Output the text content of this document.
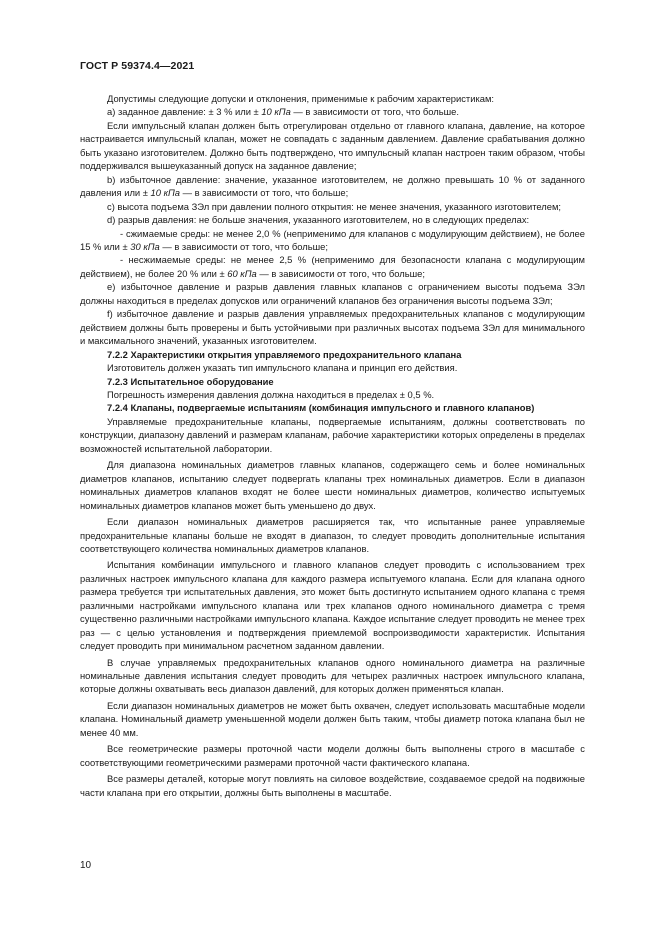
ГОСТ Р 59374.4—2021

Допустимы следующие допуски и отклонения, применимые к рабочим характеристикам:

а) заданное давление: ± 3 % или ± 10 кПа — в зависимости от того, что больше.

Если импульсный клапан должен быть отрегулирован отдельно от главного клапана, давление, на которое настраивается импульсный клапан, может не совпадать с заданным давлением. Давление срабатывания должно быть указано изготовителем. Должно быть подтверждено, что импульсный клапан настроен таким образом, чтобы поддерживался вышеуказанный допуск на заданное давление;

b) избыточное давление: значение, указанное изготовителем, не должно превышать 10 % от заданного давления или ± 10 кПа — в зависимости от того, что больше;

c) высота подъема ЗЭл при давлении полного открытия: не менее значения, указанного изготовителем;

d) разрыв давления: не больше значения, указанного изготовителем, но в следующих пределах:

- сжимаемые среды: не менее 2,0 % (неприменимо для клапанов с модулирующим действием), не более 15 % или ± 30 кПа — в зависимости от того, что больше;

- несжимаемые среды: не менее 2,5 % (неприменимо для безопасности клапана с модулирующим действием), не более 20 % или ± 60 кПа — в зависимости от того, что больше;

е) избыточное давление и разрыв давления главных клапанов с ограничением высоты подъема ЗЭл должны находиться в пределах допусков или ограничений клапанов без ограничения высоты подъема ЗЭл;

f) избыточное давление и разрыв давления управляемых предохранительных клапанов с модулирующим действием должны быть проверены и быть устойчивыми при различных высотах подъема ЗЭл для минимального и максимального значений, указанных изготовителем.

7.2.2 Характеристики открытия управляемого предохранительного клапана

Изготовитель должен указать тип импульсного клапана и принцип его действия.

7.2.3 Испытательное оборудование

Погрешность измерения давления должна находиться в пределах ± 0,5 %.

7.2.4 Клапаны, подвергаемые испытаниям (комбинация импульсного и главного клапанов)

Управляемые предохранительные клапаны, подвергаемые испытаниям, должны соответствовать по конструкции, диапазону давлений и размерам клапанам, рабочие характеристики которых определены в пределах возможностей испытательной лаборатории.

Для диапазона номинальных диаметров главных клапанов, содержащего семь и более номинальных диаметров клапанов, испытанию следует подвергать клапаны трех номинальных диаметров. Если в диапазон номинальных диаметров клапанов входят не более шести номинальных диаметров, количество испытуемых номинальных диаметров клапанов может быть уменьшено до двух.

Если диапазон номинальных диаметров расширяется так, что испытанные ранее управляемые предохранительные клапаны больше не входят в диапазон, то следует проводить дополнительные испытания соответствующего количества номинальных диаметров клапанов.

Испытания комбинации импульсного и главного клапанов следует проводить с использованием трех различных настроек импульсного клапана для каждого размера испытуемого клапана. Если для клапана одного размера требуется три испытательных давления, это может быть достигнуто испытанием одного клапана с тремя различными настройками импульсного клапана или трех клапанов одного номинального диаметра с тремя существенно различными настройками импульсного клапана. Каждое испытание следует проводить не менее трех раз — с целью установления и подтверждения приемлемой воспроизводимости характеристик. Испытания следует проводить при минимальном расчетном заданном давлении.

В случае управляемых предохранительных клапанов одного номинального диаметра на различные номинальные давления испытания следует проводить для четырех различных настроек импульсного клапана, которые должны охватывать весь диапазон давлений, для которых должен применяться клапан.

Если диапазон номинальных диаметров не может быть охвачен, следует использовать масштабные модели клапана. Номинальный диаметр уменьшенной модели должен быть таким, чтобы диаметр потока клапана был не менее 40 мм.

Все геометрические размеры проточной части модели должны быть выполнены строго в масштабе с соответствующими геометрическими размерами проточной части фактического клапана.

Все размеры деталей, которые могут повлиять на силовое воздействие, создаваемое средой на подвижные части клапана при его открытии, должны быть выполнены в масштабе.

10
